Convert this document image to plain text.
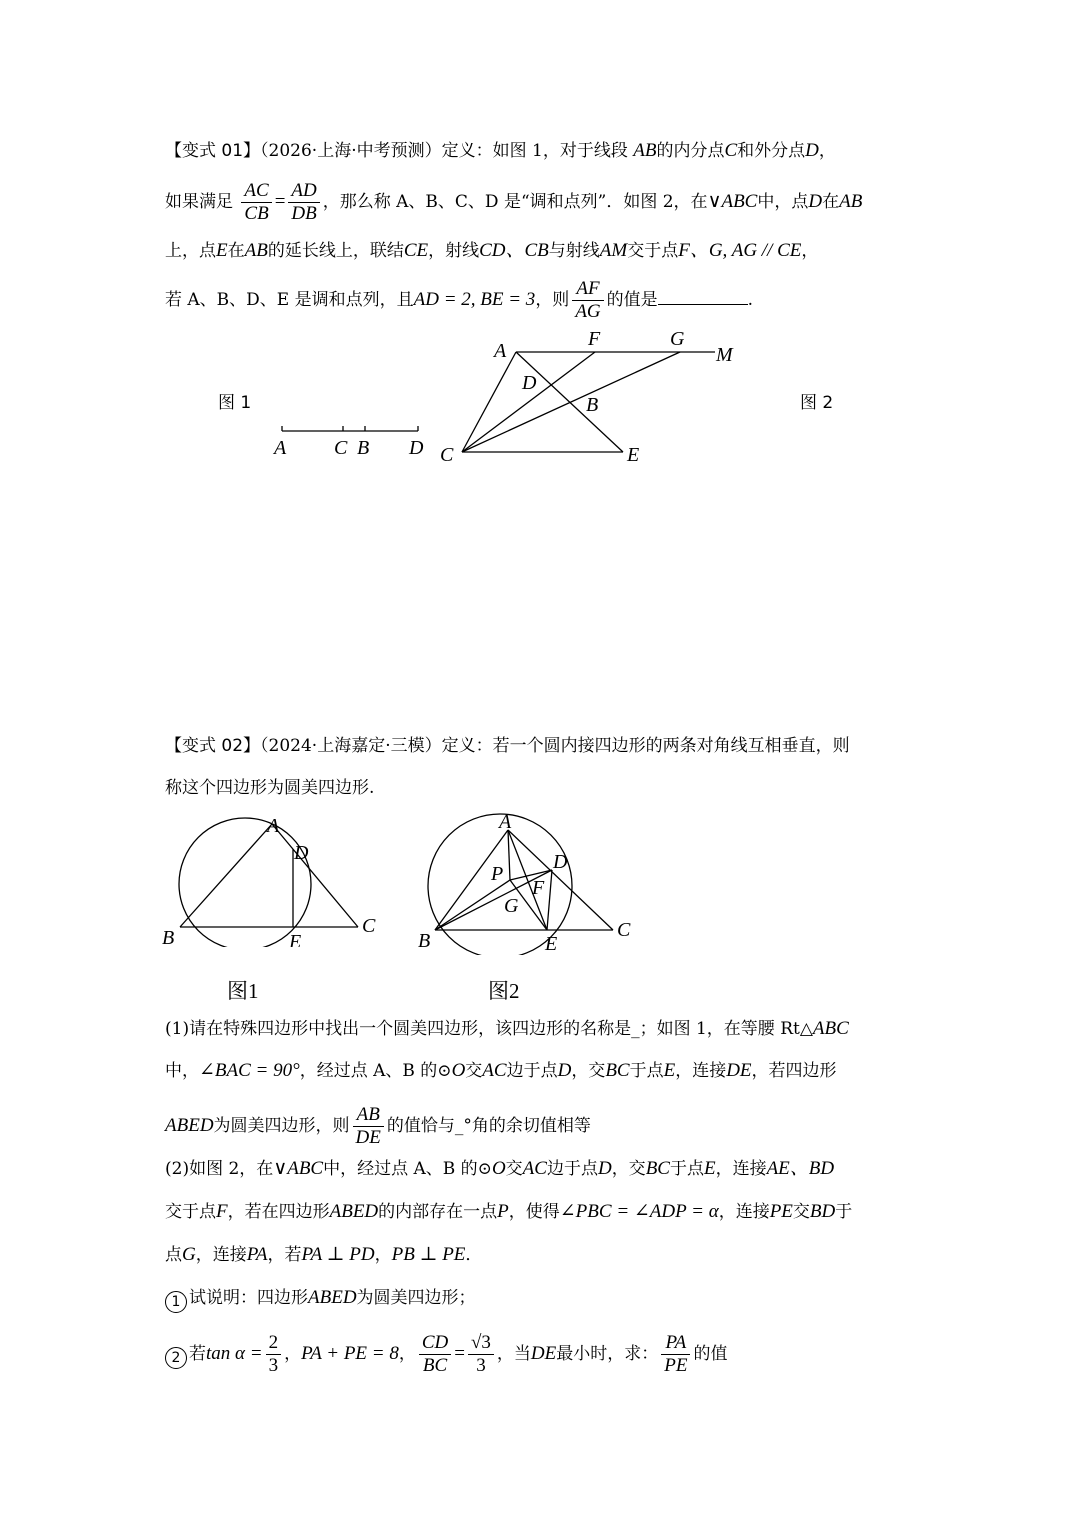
【变式 01】（2026·上海·中考预测）定义：如图 1，对于线段 AB的内分点C和外分点D，
如果满足 $\frac{AC}{CB} = \frac{AD}{DB}$ ，那么称 A、B、C、D 是“调和点列”．如图 2，在∨ABC中，点D在AB
上，点E在AB的延长线上，联结CE，射线CD、CB与射线AM交于点F、G, AG // CE，
若 A、B、D、E 是调和点列，且AD = 2, BE = 3，则 $\frac{AF}{AG}$ 的值是	.
图 1	图 2
A C B D
A
F	G
M
D
B
C	E
【变式 02】（2024·上海嘉定·三模）定义：若一个圆内接四边形的两条对角线互相垂直，则
称这个四边形为圆美四边形.
A
D
B	E
C
A
D
P
F
G
B	E
C
图1	图2
(1)请在特殊四边形中找出一个圆美四边形，该四边形的名称是_；如图 1，在等腰 Rt△ABC
中，∠BAC = 90°，经过点 A、B 的⊙O交AC边于点D，交BC于点E，连接DE，若四边形
ABED为圆美四边形，则 $\frac{AB}{DE}$ 的值恰与_°角的余切值相等
(2)如图 2，在∨ABC中，经过点 A、B 的⊙O交AC边于点D，交BC于点E，连接AE、BD
交于点F，若在四边形ABED的内部存在一点P，使得∠PBC = ∠ADP = α，连接PE交BD于
点G，连接PA，若PA ⊥ PD，PB ⊥ PE．
1 试说明：四边形ABED为圆美四边形；
2 若$\tan \alpha = \frac{2}{3}$ ，PA + PE = 8， $\frac{CD}{BC} = \frac{√3}{3}$ ，当DE最小时，求： $\frac{PA}{PE}$ 的值
